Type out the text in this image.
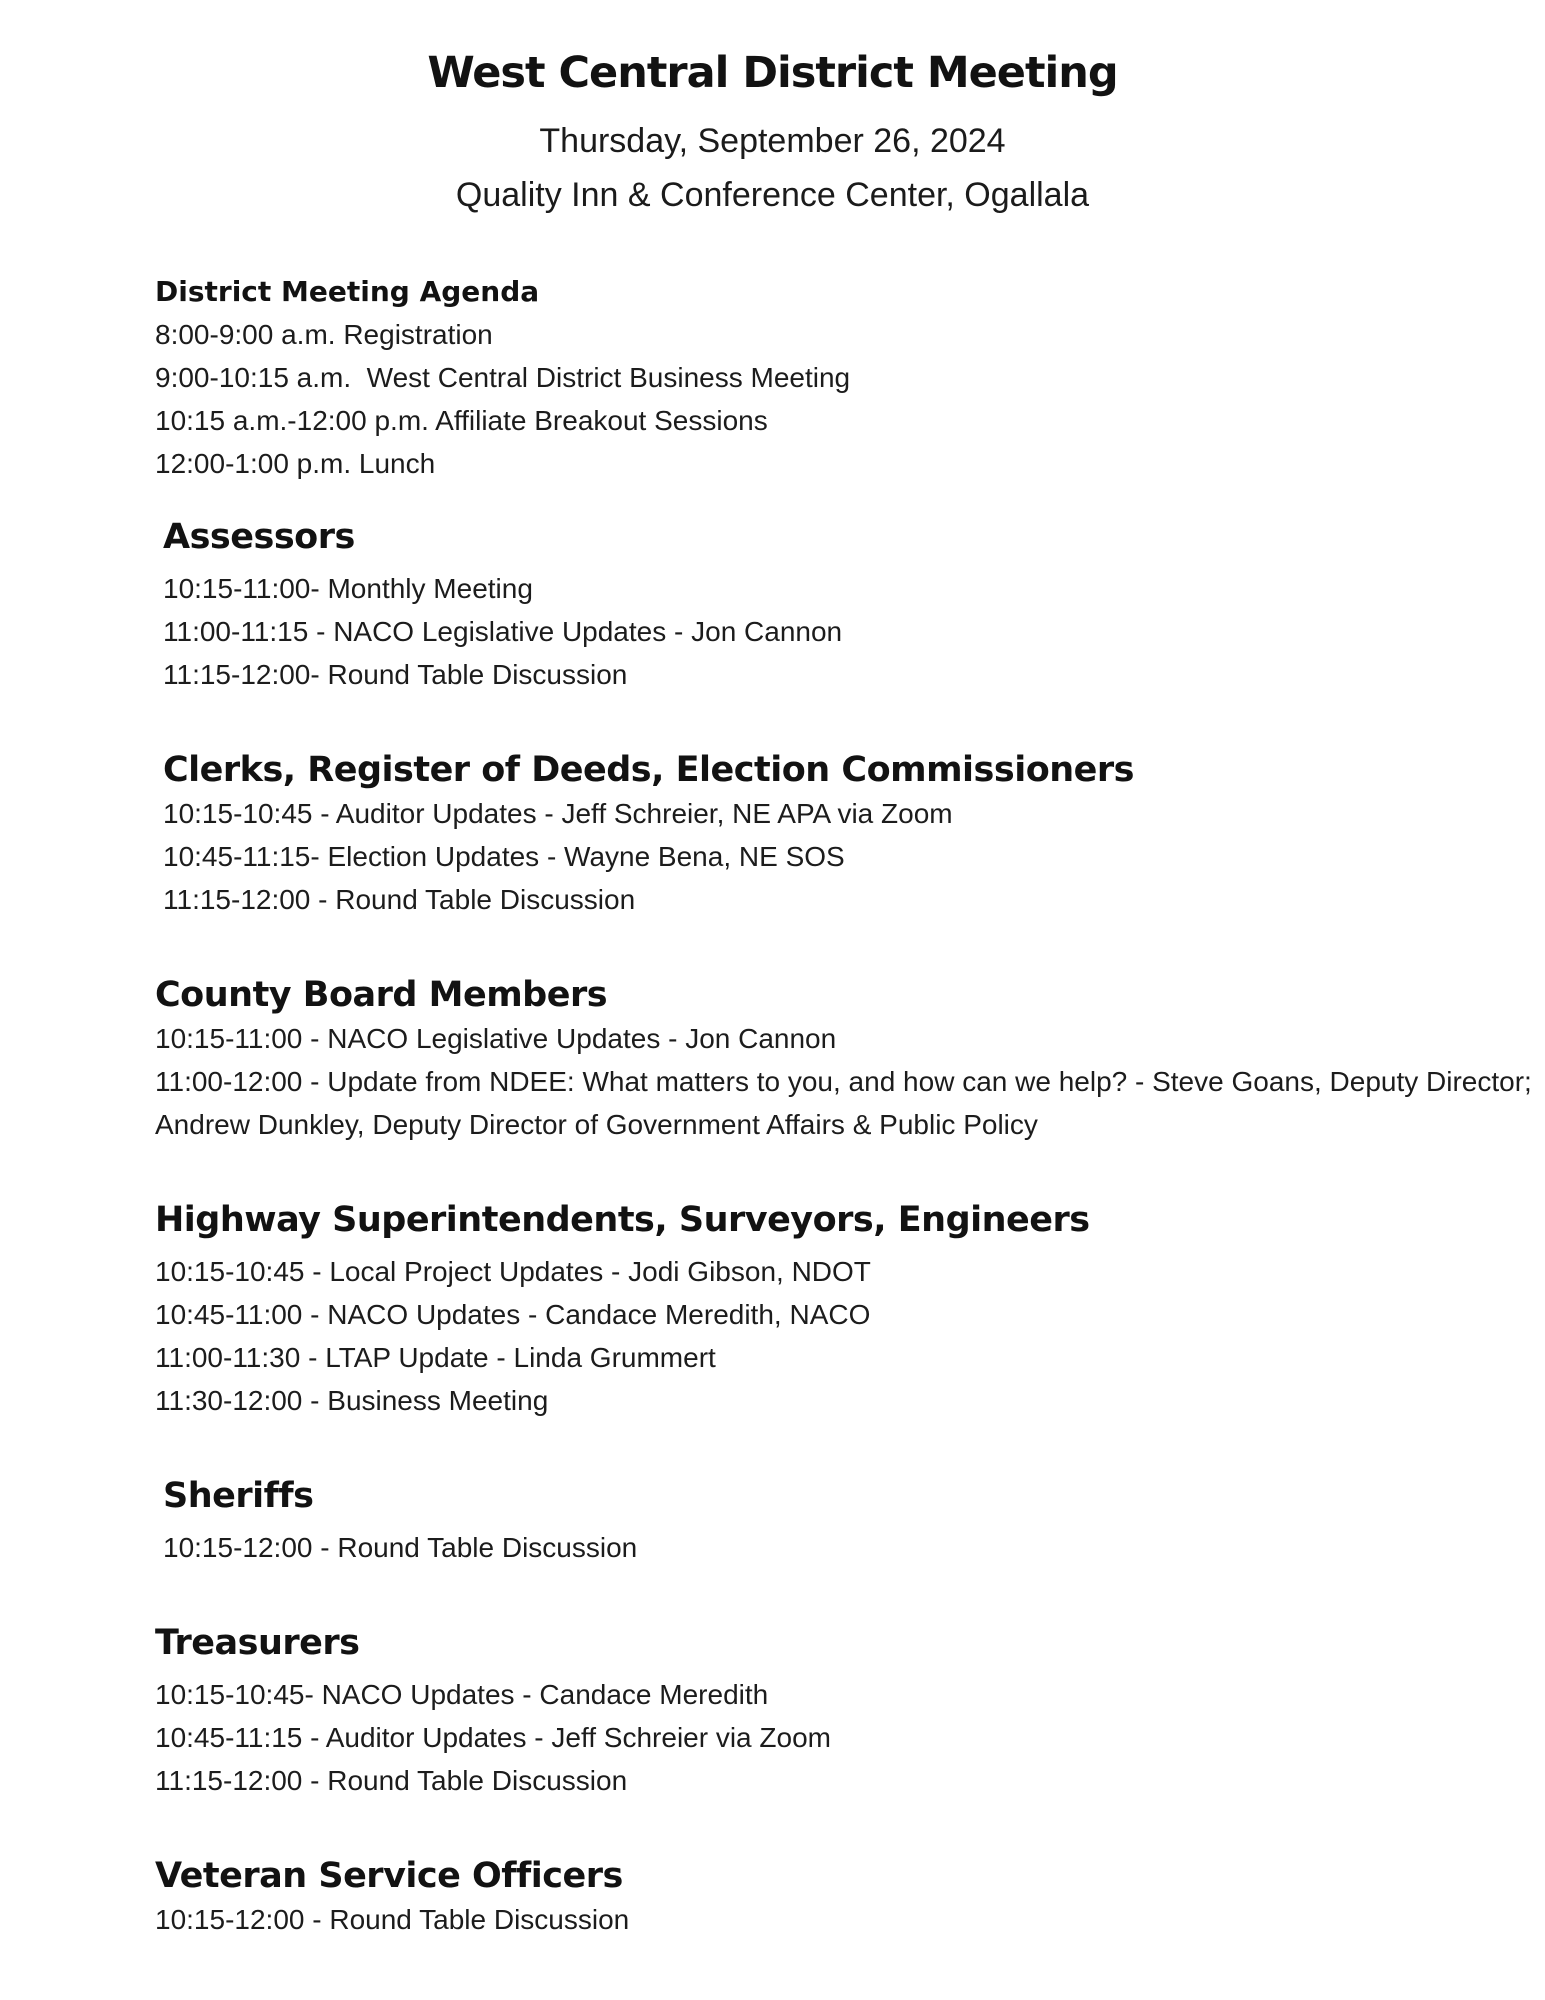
West Central District Meeting
Thursday, September 26, 2024
Quality Inn & Conference Center, Ogallala
District Meeting Agenda
8:00-9:00 a.m. Registration
9:00-10:15 a.m.  West Central District Business Meeting
10:15 a.m.-12:00 p.m. Affiliate Breakout Sessions
12:00-1:00 p.m. Lunch
Assessors
10:15-11:00- Monthly Meeting
11:00-11:15 - NACO Legislative Updates - Jon Cannon
11:15-12:00- Round Table Discussion
Clerks, Register of Deeds, Election Commissioners
10:15-10:45 - Auditor Updates - Jeff Schreier, NE APA via Zoom
10:45-11:15- Election Updates - Wayne Bena, NE SOS
11:15-12:00 - Round Table Discussion
County Board Members
10:15-11:00 - NACO Legislative Updates - Jon Cannon
11:00-12:00 - Update from NDEE: What matters to you, and how can we help? - Steve Goans, Deputy Director; Andrew Dunkley, Deputy Director of Government Affairs & Public Policy
Highway Superintendents, Surveyors, Engineers
10:15-10:45 - Local Project Updates - Jodi Gibson, NDOT
10:45-11:00 - NACO Updates - Candace Meredith, NACO
11:00-11:30 - LTAP Update - Linda Grummert
11:30-12:00 - Business Meeting
Sheriffs
10:15-12:00 - Round Table Discussion
Treasurers
10:15-10:45- NACO Updates - Candace Meredith
10:45-11:15 - Auditor Updates - Jeff Schreier via Zoom
11:15-12:00 - Round Table Discussion
Veteran Service Officers
10:15-12:00 - Round Table Discussion
